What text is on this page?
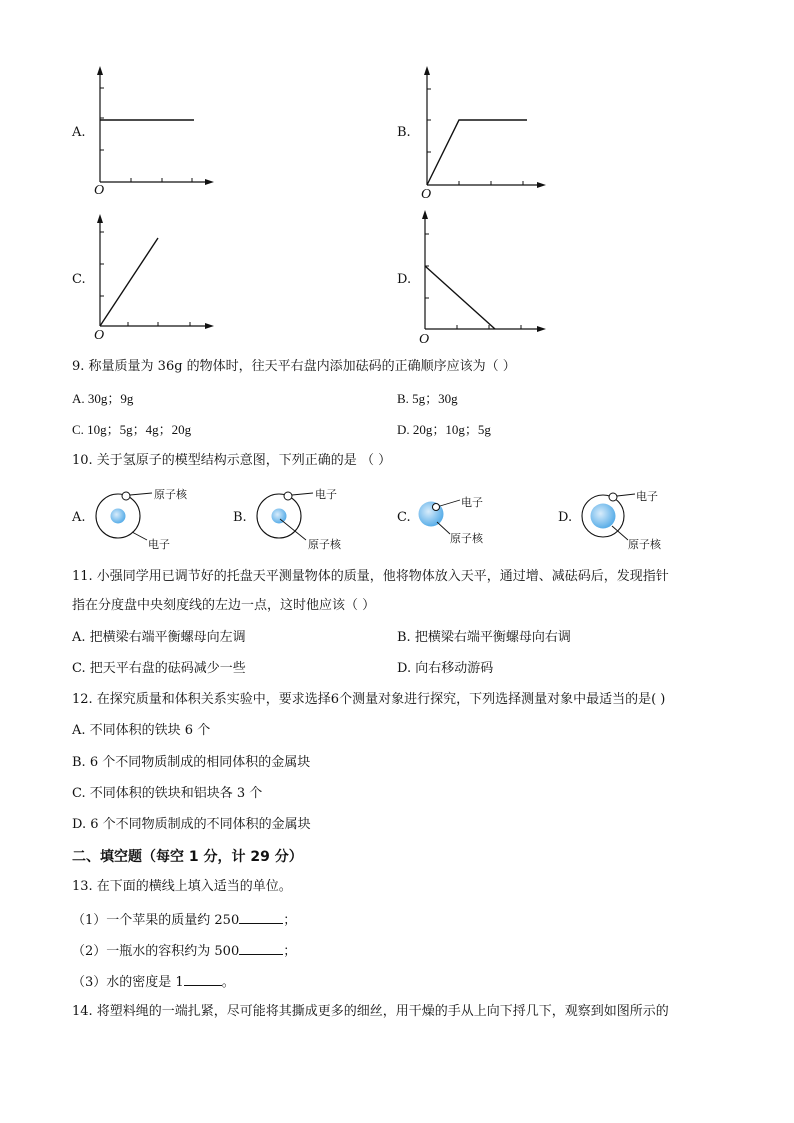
A.
O
B.
O
C.
O
D.
O
9. 称量质量为 36g 的物体时，往天平右盘内添加砝码的正确顺序应该为（ ）
A. 30g；9g	B. 5g；30g
C. 10g；5g；4g；20g	D. 20g；10g；5g
10. 关于氢原子的模型结构示意图，下列正确的是 （ ）
A.
原子核
电子
B.
电子
原子核
C.
电子
原子核
D.
电子
原子核
11. 小强同学用已调节好的托盘天平测量物体的质量，他将物体放入天平，通过增、减砝码后，发现指针
指在分度盘中央刻度线的左边一点，这时他应该（ ）
A. 把横梁右端平衡螺母向左调	B. 把横梁右端平衡螺母向右调
C. 把天平右盘的砝码减少一些	D. 向右移动游码
12. 在探究质量和体积关系实验中，要求选择6个测量对象进行探究，下列选择测量对象中最适当的是( )
A. 不同体积的铁块 6 个
B. 6 个不同物质制成的相同体积的金属块
C. 不同体积的铁块和铝块各 3 个
D. 6 个不同物质制成的不同体积的金属块
二、填空题（每空 1 分，计 29 分）
13. 在下面的横线上填入适当的单位。
（1）一个苹果的质量约 250	；
（2）一瓶水的容积约为 500	；
（3）水的密度是 1	。
14. 将塑料绳的一端扎紧，尽可能将其撕成更多的细丝，用干燥的手从上向下捋几下，观察到如图所示的
